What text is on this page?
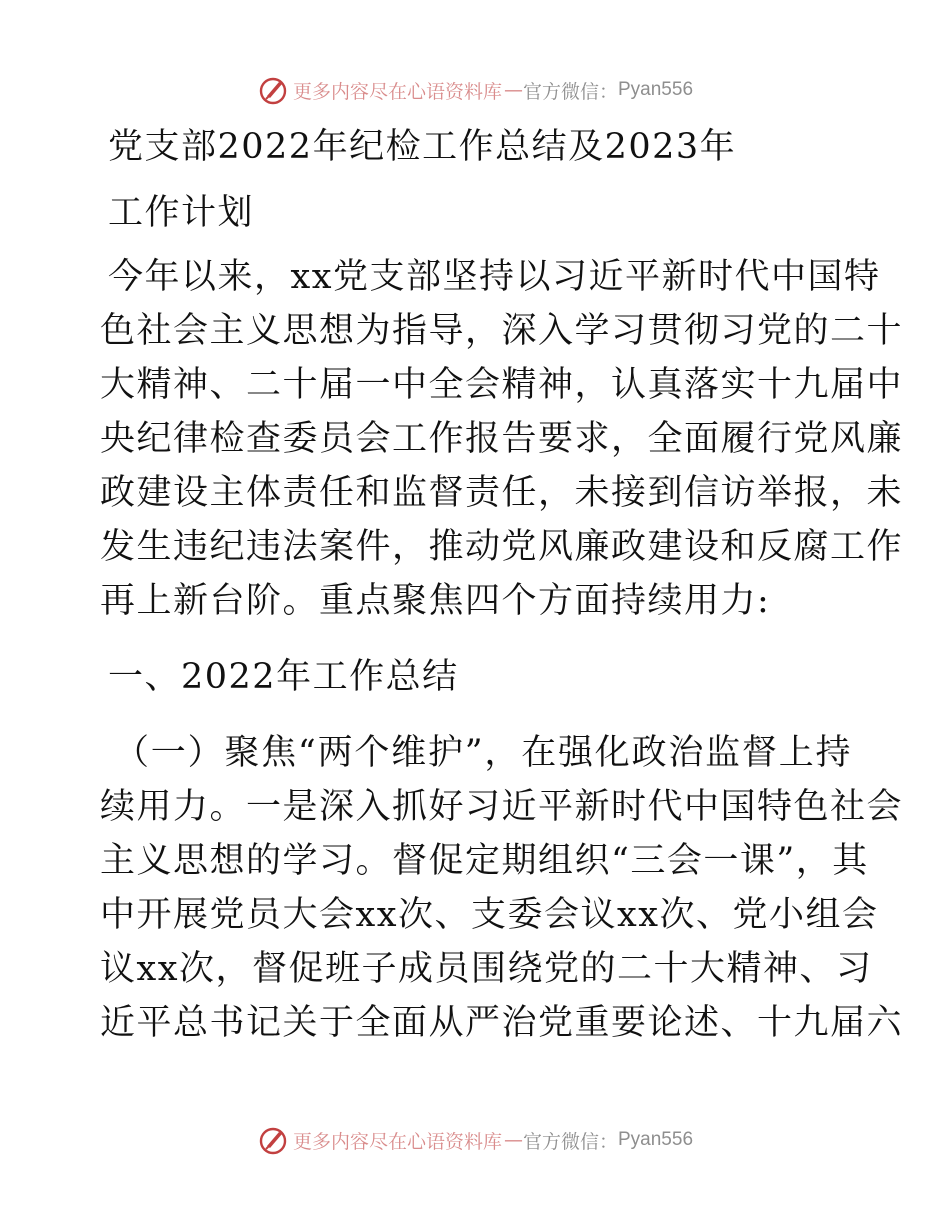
更多内容尽在心语资料库 — 官方微信： Pyan556
党支部2022年纪检工作总结及2023年
工作计划
今年以来，xx党支部坚持以习近平新时代中国特
色社会主义思想为指导，深入学习贯彻习党的二十
大精神、二十届一中全会精神，认真落实十九届中
央纪律检查委员会工作报告要求，全面履行党风廉
政建设主体责任和监督责任，未接到信访举报，未
发生违纪违法案件，推动党风廉政建设和反腐工作
再上新台阶。重点聚焦四个方面持续用力:
一、2022年工作总结
（一）聚焦“两个维护”，在强化政治监督上持
续用力。一是深入抓好习近平新时代中国特色社会
主义思想的学习。督促定期组织“三会一课”，其
中开展党员大会xx次、支委会议xx次、党小组会
议xx次，督促班子成员围绕党的二十大精神、习
近平总书记关于全面从严治党重要论述、十九届六
更多内容尽在心语资料库 — 官方微信： Pyan556
